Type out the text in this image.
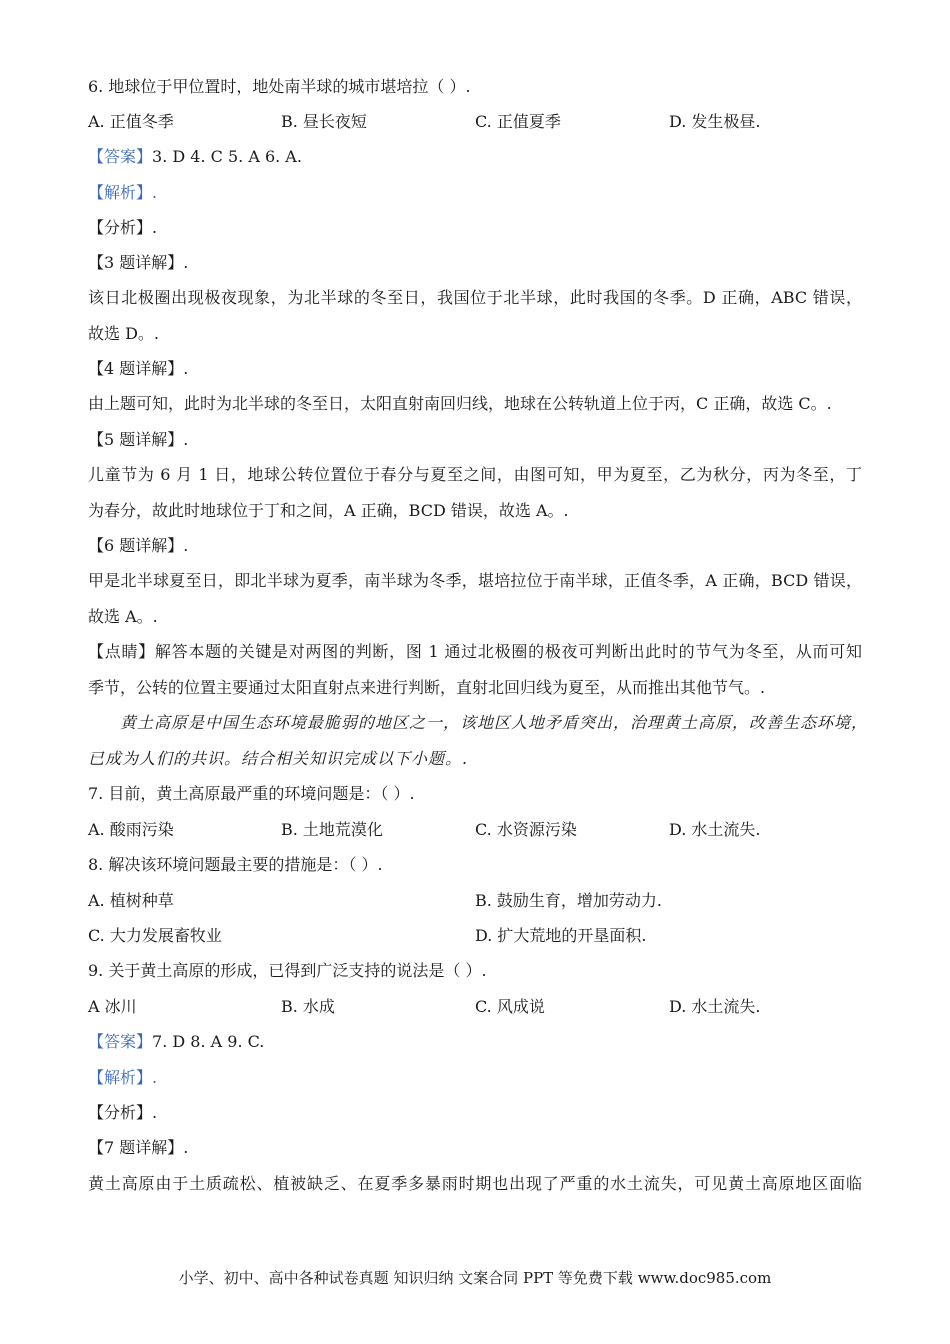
6. 地球位于甲位置时，地处南半球的城市堪培拉（ ）.
A. 正值冬季	B. 昼长夜短	C. 正值夏季	D. 发生极昼.
【答案】3. D 4. C 5. A 6. A.
【解析】.
【分析】.
【3 题详解】.
该日北极圈出现极夜现象，为北半球的冬至日，我国位于北半球，此时我国的冬季。D 正确，ABC 错误，
故选 D。.
【4 题详解】.
由上题可知，此时为北半球的冬至日，太阳直射南回归线，地球在公转轨道上位于丙，C 正确，故选 C。.
【5 题详解】.
儿童节为 6 月 1 日，地球公转位置位于春分与夏至之间，由图可知，甲为夏至，乙为秋分，丙为冬至，丁
为春分，故此时地球位于丁和之间，A 正确，BCD 错误，故选 A。.
【6 题详解】.
甲是北半球夏至日，即北半球为夏季，南半球为冬季，堪培拉位于南半球，正值冬季，A 正确，BCD 错误，
故选 A。.
【点睛】解答本题的关键是对两图的判断，图 1 通过北极圈的极夜可判断出此时的节气为冬至，从而可知
季节，公转的位置主要通过太阳直射点来进行判断，直射北回归线为夏至，从而推出其他节气。.
黄土高原是中国生态环境最脆弱的地区之一，该地区人地矛盾突出，治理黄土高原，改善生态环境，
已成为人们的共识。结合相关知识完成以下小题。.
7. 目前，黄土高原最严重的环境问题是：（ ）.
A. 酸雨污染	B. 土地荒漠化	C. 水资源污染	D. 水土流失.
8. 解决该环境问题最主要的措施是：（ ）.
A. 植树种草	B. 鼓励生育，增加劳动力.
C. 大力发展畜牧业	D. 扩大荒地的开垦面积.
9. 关于黄土高原的形成，已得到广泛支持的说法是（ ）.
A 冰川	B. 水成	C. 风成说	D. 水土流失.
【答案】7. D 8. A 9. C.
【解析】.
【分析】.
【7 题详解】.
黄土高原由于土质疏松、植被缺乏、在夏季多暴雨时期也出现了严重的水土流失，可见黄土高原地区面临
小学、初中、高中各种试卷真题 知识归纳 文案合同 PPT 等免费下载 www.doc985.com
